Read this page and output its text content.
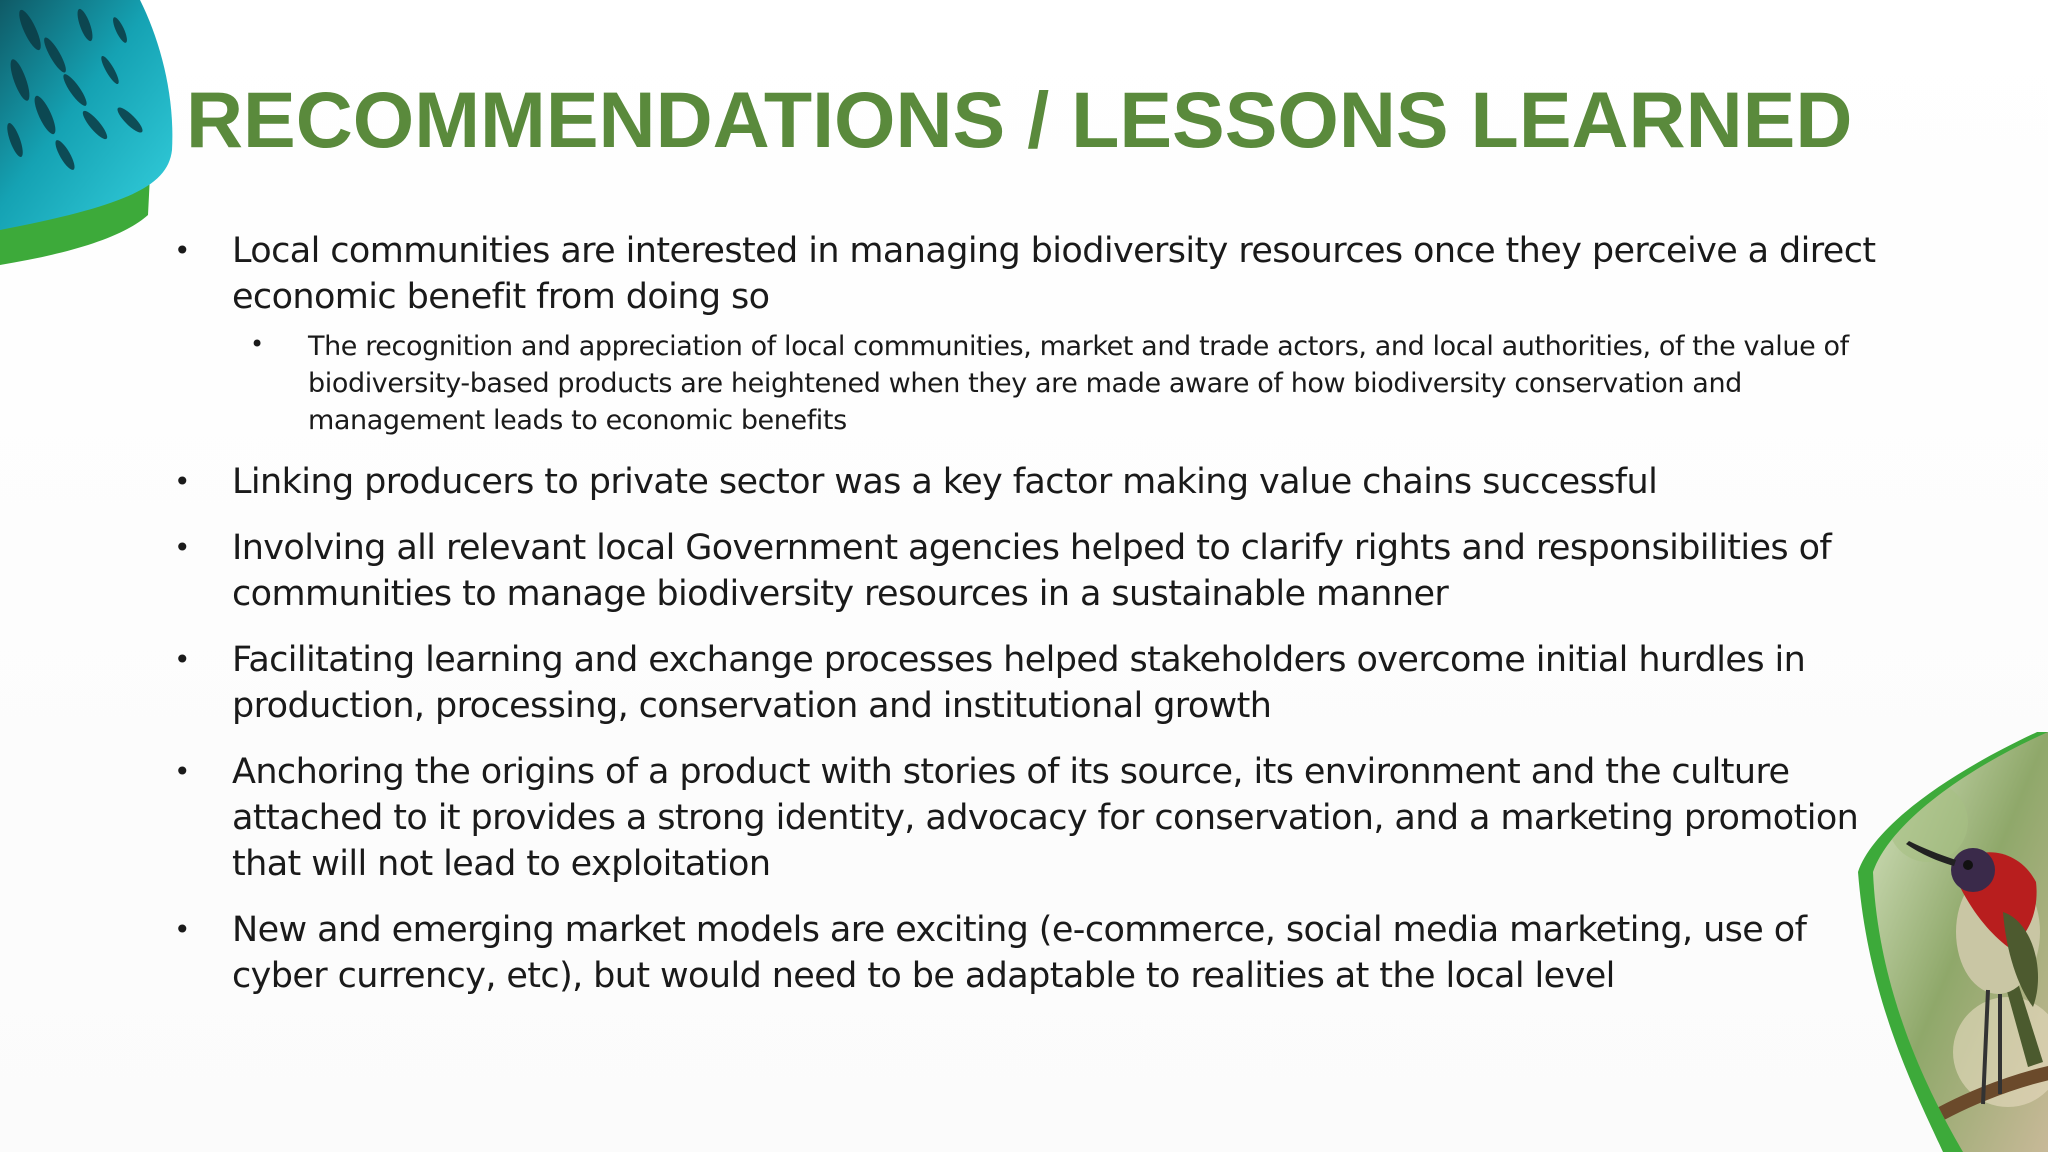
RECOMMENDATIONS / LESSONS LEARNED
• Local communities are interested in managing biodiversity resources once they perceive a direct economic benefit from doing so
• The recognition and appreciation of local communities, market and trade actors, and local authorities, of the value of biodiversity-based products are heightened when they are made aware of how biodiversity conservation and management leads to economic benefits
• Linking producers to private sector was a key factor making value chains successful
• Involving all relevant local Government agencies helped to clarify rights and responsibilities of communities to manage biodiversity resources in a sustainable manner
• Facilitating learning and exchange processes helped stakeholders overcome initial hurdles in production, processing, conservation and institutional growth
• Anchoring the origins of a product with stories of its source, its environment and the culture attached to it provides a strong identity, advocacy for conservation, and a marketing promotion that will not lead to exploitation
• New and emerging market models are exciting (e-commerce, social media marketing, use of cyber currency, etc), but would need to be adaptable to realities at the local level
